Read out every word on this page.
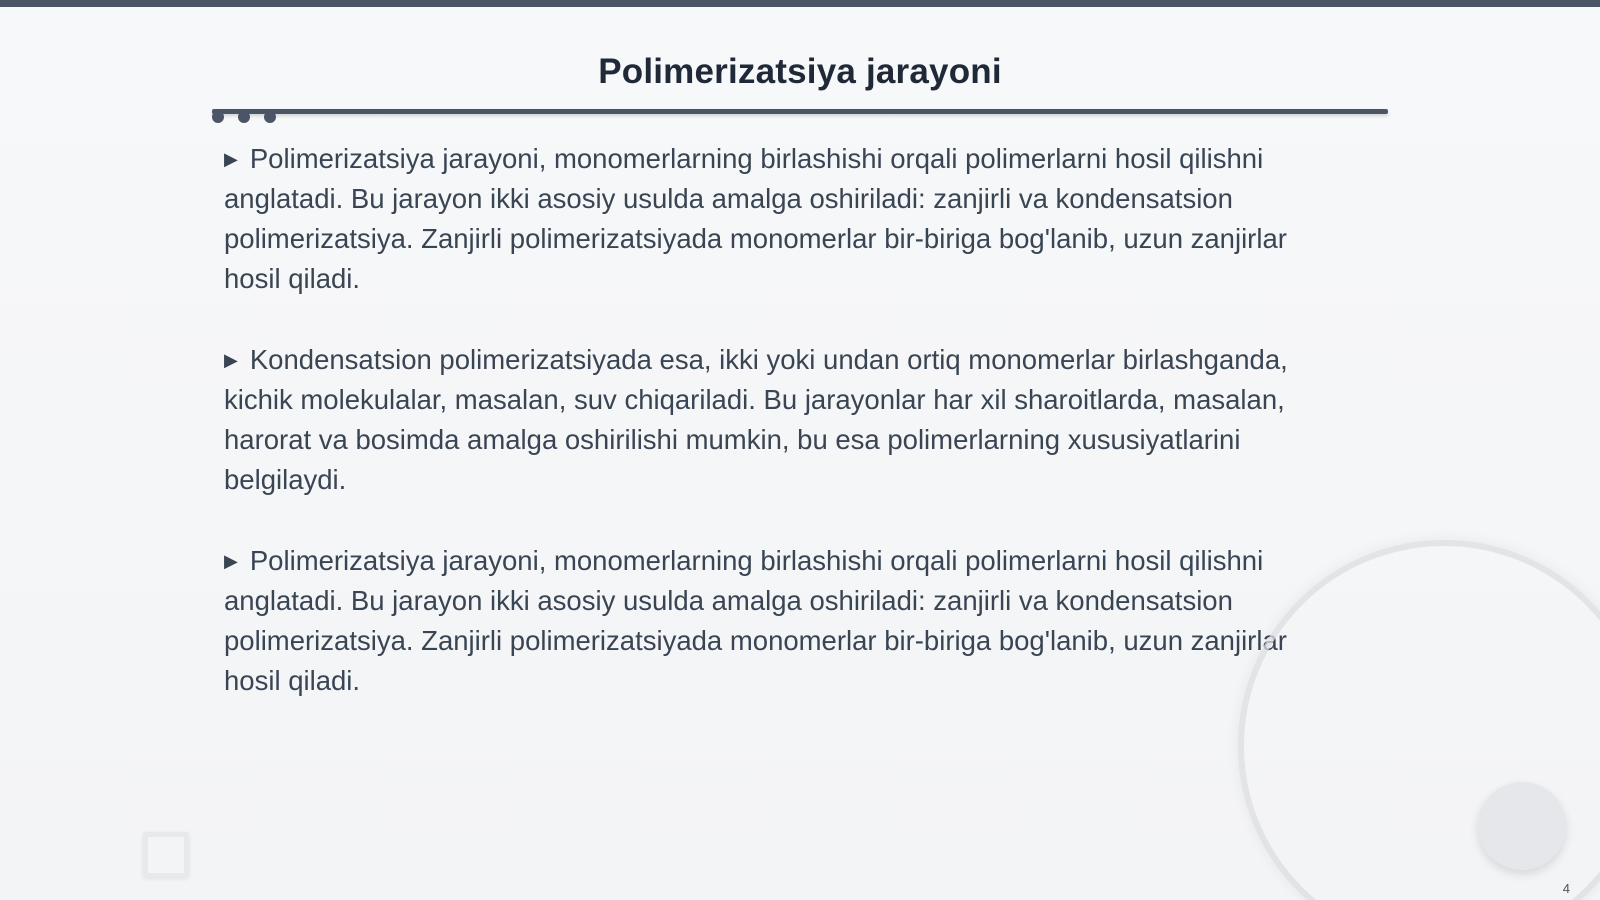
Polimerizatsiya jarayoni

▶ Polimerizatsiya jarayoni, monomerlarning birlashishi orqali polimerlarni hosil qilishni anglatadi. Bu jarayon ikki asosiy usulda amalga oshiriladi: zanjirli va kondensatsion polimerizatsiya. Zanjirli polimerizatsiyada monomerlar bir-biriga bog'lanib, uzun zanjirlar hosil qiladi.

▶ Kondensatsion polimerizatsiyada esa, ikki yoki undan ortiq monomerlar birlashganda, kichik molekulalar, masalan, suv chiqariladi. Bu jarayonlar har xil sharoitlarda, masalan, harorat va bosimda amalga oshirilishi mumkin, bu esa polimerlarning xususiyatlarini belgilaydi.

▶ Polimerizatsiya jarayoni, monomerlarning birlashishi orqali polimerlarni hosil qilishni anglatadi. Bu jarayon ikki asosiy usulda amalga oshiriladi: zanjirli va kondensatsion polimerizatsiya. Zanjirli polimerizatsiyada monomerlar bir-biriga bog'lanib, uzun zanjirlar hosil qiladi.

4
